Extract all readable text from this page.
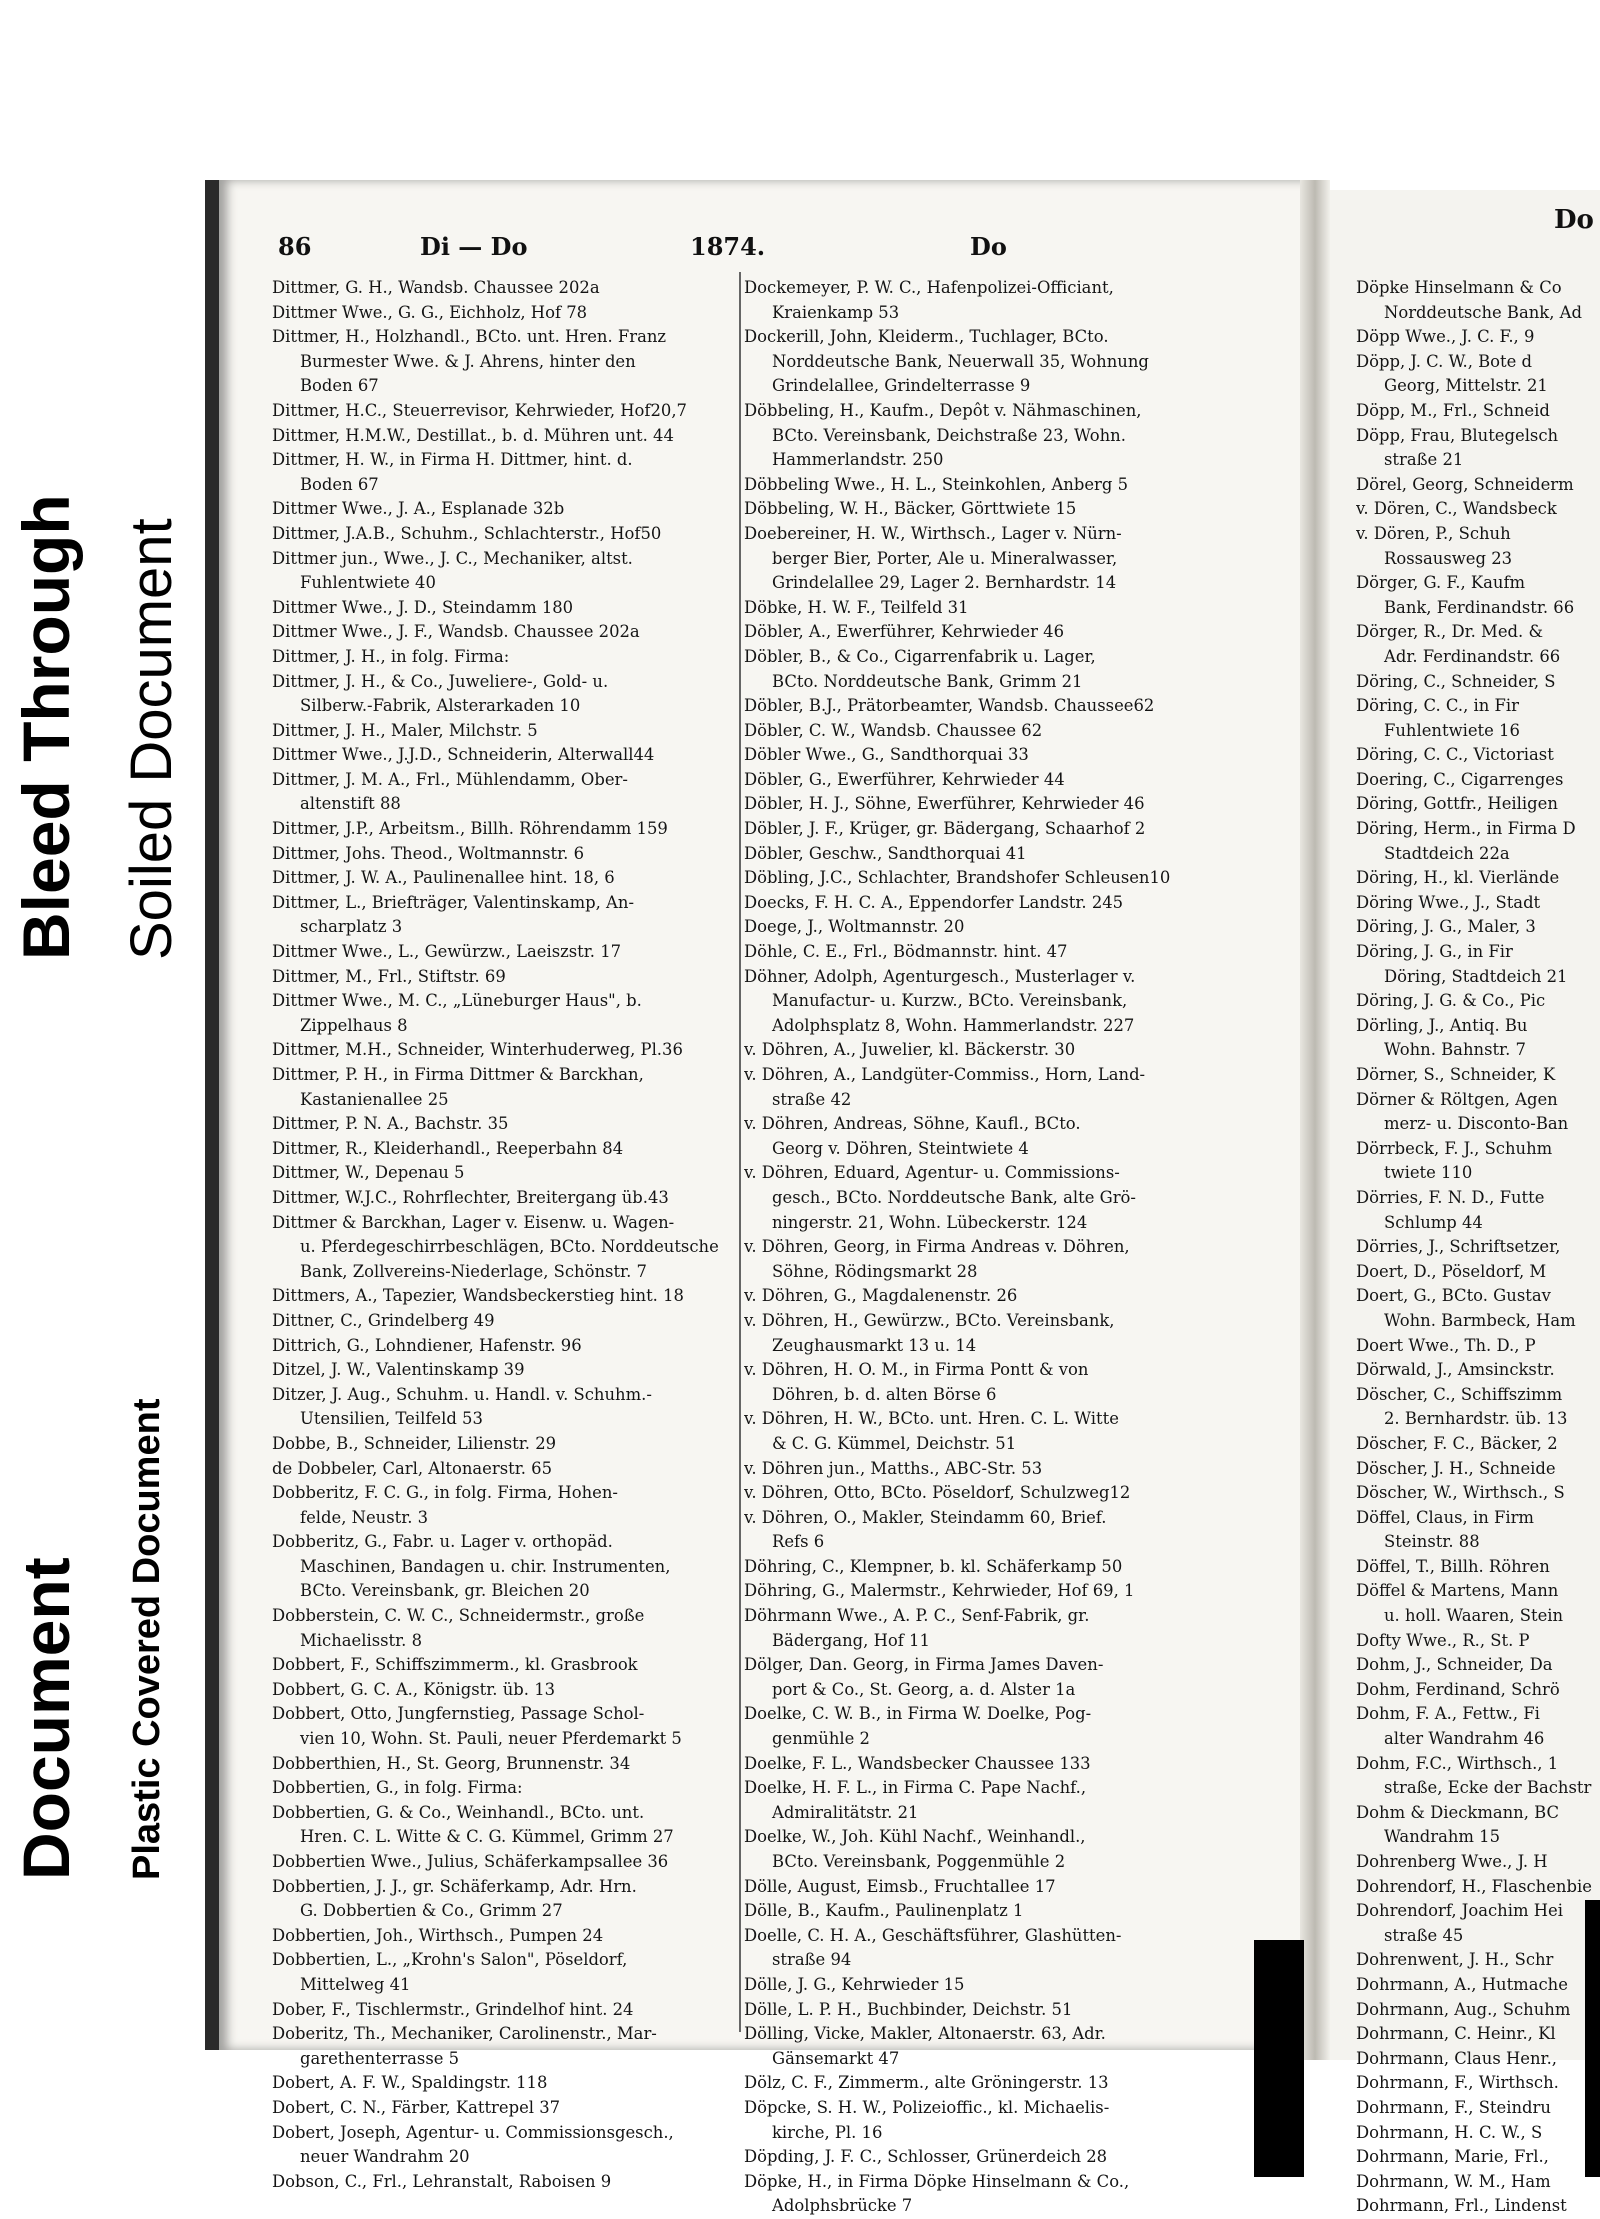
Bleed Through Soiled Document
Document Plastic Covered Document
86	Di — Do	1874.	Do
Do
Dittmer, G. H., Wandsb. Chaussee 202a
Dittmer Wwe., G. G., Eichholz, Hof 78
Dittmer, H., Holzhandl., BCto. unt. Hren. Franz
Burmester Wwe. & J. Ahrens, hinter den
Boden 67
Dittmer, H.C., Steuerrevisor, Kehrwieder, Hof20,7
Dittmer, H.M.W., Destillat., b. d. Mühren unt. 44
Dittmer, H. W., in Firma H. Dittmer, hint. d.
Boden 67
Dittmer Wwe., J. A., Esplanade 32b
Dittmer, J.A.B., Schuhm., Schlachterstr., Hof50
Dittmer jun., Wwe., J. C., Mechaniker, altst.
Fuhlentwiete 40
Dittmer Wwe., J. D., Steindamm 180
Dittmer Wwe., J. F., Wandsb. Chaussee 202a
Dittmer, J. H., in folg. Firma:
Dittmer, J. H., & Co., Juweliere-, Gold- u.
Silberw.-Fabrik, Alsterarkaden 10
Dittmer, J. H., Maler, Milchstr. 5
Dittmer Wwe., J.J.D., Schneiderin, Alterwall44
Dittmer, J. M. A., Frl., Mühlendamm, Ober-
altenstift 88
Dittmer, J.P., Arbeitsm., Billh. Röhrendamm 159
Dittmer, Johs. Theod., Woltmannstr. 6
Dittmer, J. W. A., Paulinenallee hint. 18, 6
Dittmer, L., Briefträger, Valentinskamp, An-
scharplatz 3
Dittmer Wwe., L., Gewürzw., Laeiszstr. 17
Dittmer, M., Frl., Stiftstr. 69
Dittmer Wwe., M. C., „Lüneburger Haus", b.
Zippelhaus 8
Dittmer, M.H., Schneider, Winterhuderweg, Pl.36
Dittmer, P. H., in Firma Dittmer & Barckhan,
Kastanienallee 25
Dittmer, P. N. A., Bachstr. 35
Dittmer, R., Kleiderhandl., Reeperbahn 84
Dittmer, W., Depenau 5
Dittmer, W.J.C., Rohrflechter, Breitergang üb.43
Dittmer & Barckhan, Lager v. Eisenw. u. Wagen-
u. Pferdegeschirrbeschlägen, BCto. Norddeutsche
Bank, Zollvereins-Niederlage, Schönstr. 7
Dittmers, A., Tapezier, Wandsbeckerstieg hint. 18
Dittner, C., Grindelberg 49
Dittrich, G., Lohndiener, Hafenstr. 96
Ditzel, J. W., Valentinskamp 39
Ditzer, J. Aug., Schuhm. u. Handl. v. Schuhm.-
Utensilien, Teilfeld 53
Dobbe, B., Schneider, Lilienstr. 29
de Dobbeler, Carl, Altonaerstr. 65
Dobberitz, F. C. G., in folg. Firma, Hohen-
felde, Neustr. 3
Dobberitz, G., Fabr. u. Lager v. orthopäd.
Maschinen, Bandagen u. chir. Instrumenten,
BCto. Vereinsbank, gr. Bleichen 20
Dobberstein, C. W. C., Schneidermstr., große
Michaelisstr. 8
Dobbert, F., Schiffszimmerm., kl. Grasbrook
Dobbert, G. C. A., Königstr. üb. 13
Dobbert, Otto, Jungfernstieg, Passage Schol-
vien 10, Wohn. St. Pauli, neuer Pferdemarkt 5
Dobberthien, H., St. Georg, Brunnenstr. 34
Dobbertien, G., in folg. Firma:
Dobbertien, G. & Co., Weinhandl., BCto. unt.
Hren. C. L. Witte & C. G. Kümmel, Grimm 27
Dobbertien Wwe., Julius, Schäferkampsallee 36
Dobbertien, J. J., gr. Schäferkamp, Adr. Hrn.
G. Dobbertien & Co., Grimm 27
Dobbertien, Joh., Wirthsch., Pumpen 24
Dobbertien, L., „Krohn's Salon", Pöseldorf,
Mittelweg 41
Dober, F., Tischlermstr., Grindelhof hint. 24
Doberitz, Th., Mechaniker, Carolinenstr., Mar-
garethenterrasse 5
Dobert, A. F. W., Spaldingstr. 118
Dobert, C. N., Färber, Kattrepel 37
Dobert, Joseph, Agentur- u. Commissionsgesch.,
neuer Wandrahm 20
Dobson, C., Frl., Lehranstalt, Raboisen 9
Dockemeyer, P. W. C., Hafenpolizei-Officiant,
Kraienkamp 53
Dockerill, John, Kleiderm., Tuchlager, BCto.
Norddeutsche Bank, Neuerwall 35, Wohnung
Grindelallee, Grindelterrasse 9
Döbbeling, H., Kaufm., Depôt v. Nähmaschinen,
BCto. Vereinsbank, Deichstraße 23, Wohn.
Hammerlandstr. 250
Döbbeling Wwe., H. L., Steinkohlen, Anberg 5
Döbbeling, W. H., Bäcker, Görttwiete 15
Doebereiner, H. W., Wirthsch., Lager v. Nürn-
berger Bier, Porter, Ale u. Mineralwasser,
Grindelallee 29, Lager 2. Bernhardstr. 14
Döbke, H. W. F., Teilfeld 31
Döbler, A., Ewerführer, Kehrwieder 46
Döbler, B., & Co., Cigarrenfabrik u. Lager,
BCto. Norddeutsche Bank, Grimm 21
Döbler, B.J., Prätorbeamter, Wandsb. Chaussee62
Döbler, C. W., Wandsb. Chaussee 62
Döbler Wwe., G., Sandthorquai 33
Döbler, G., Ewerführer, Kehrwieder 44
Döbler, H. J., Söhne, Ewerführer, Kehrwieder 46
Döbler, J. F., Krüger, gr. Bädergang, Schaarhof 2
Döbler, Geschw., Sandthorquai 41
Döbling, J.C., Schlachter, Brandshofer Schleusen10
Doecks, F. H. C. A., Eppendorfer Landstr. 245
Doege, J., Woltmannstr. 20
Döhle, C. E., Frl., Bödmannstr. hint. 47
Döhner, Adolph, Agenturgesch., Musterlager v.
Manufactur- u. Kurzw., BCto. Vereinsbank,
Adolphsplatz 8, Wohn. Hammerlandstr. 227
v. Döhren, A., Juwelier, kl. Bäckerstr. 30
v. Döhren, A., Landgüter-Commiss., Horn, Land-
straße 42
v. Döhren, Andreas, Söhne, Kaufl., BCto.
Georg v. Döhren, Steintwiete 4
v. Döhren, Eduard, Agentur- u. Commissions-
gesch., BCto. Norddeutsche Bank, alte Grö-
ningerstr. 21, Wohn. Lübeckerstr. 124
v. Döhren, Georg, in Firma Andreas v. Döhren,
Söhne, Rödingsmarkt 28
v. Döhren, G., Magdalenenstr. 26
v. Döhren, H., Gewürzw., BCto. Vereinsbank,
Zeughausmarkt 13 u. 14
v. Döhren, H. O. M., in Firma Pontt & von
Döhren, b. d. alten Börse 6
v. Döhren, H. W., BCto. unt. Hren. C. L. Witte
& C. G. Kümmel, Deichstr. 51
v. Döhren jun., Matths., ABC-Str. 53
v. Döhren, Otto, BCto. Pöseldorf, Schulzweg12
v. Döhren, O., Makler, Steindamm 60, Brief.
Refs 6
Döhring, C., Klempner, b. kl. Schäferkamp 50
Döhring, G., Malermstr., Kehrwieder, Hof 69, 1
Döhrmann Wwe., A. P. C., Senf-Fabrik, gr.
Bädergang, Hof 11
Dölger, Dan. Georg, in Firma James Daven-
port & Co., St. Georg, a. d. Alster 1a
Doelke, C. W. B., in Firma W. Doelke, Pog-
genmühle 2
Doelke, F. L., Wandsbecker Chaussee 133
Doelke, H. F. L., in Firma C. Pape Nachf.,
Admiralitätstr. 21
Doelke, W., Joh. Kühl Nachf., Weinhandl.,
BCto. Vereinsbank, Poggenmühle 2
Dölle, August, Eimsb., Fruchtallee 17
Dölle, B., Kaufm., Paulinenplatz 1
Doelle, C. H. A., Geschäftsführer, Glashütten-
straße 94
Dölle, J. G., Kehrwieder 15
Dölle, L. P. H., Buchbinder, Deichstr. 51
Dölling, Vicke, Makler, Altonaerstr. 63, Adr.
Gänsemarkt 47
Dölz, C. F., Zimmerm., alte Gröningerstr. 13
Döpcke, S. H. W., Polizeioffic., kl. Michaelis-
kirche, Pl. 16
Döpding, J. F. C., Schlosser, Grünerdeich 28
Döpke, H., in Firma Döpke Hinselmann & Co.,
Adolphsbrücke 7
Döpke Hinselmann & Co
Norddeutsche Bank, Ad
Döpp Wwe., J. C. F., 9
Döpp, J. C. W., Bote d
Georg, Mittelstr. 21
Döpp, M., Frl., Schneid
Döpp, Frau, Blutegelsch
straße 21
Dörel, Georg, Schneiderm
v. Dören, C., Wandsbeck
v. Dören, P., Schuh
Rossausweg 23
Dörger, G. F., Kaufm
Bank, Ferdinandstr. 66
Dörger, R., Dr. Med. &
Adr. Ferdinandstr. 66
Döring, C., Schneider, S
Döring, C. C., in Fir
Fuhlentwiete 16
Döring, C. C., Victoriast
Doering, C., Cigarrenges
Döring, Gottfr., Heiligen
Döring, Herm., in Firma D
Stadtdeich 22a
Döring, H., kl. Vierlände
Döring Wwe., J., Stadt
Döring, J. G., Maler, 3
Döring, J. G., in Fir
Döring, Stadtdeich 21
Döring, J. G. & Co., Pic
Dörling, J., Antiq. Bu
Wohn. Bahnstr. 7
Dörner, S., Schneider, K
Dörner & Röltgen, Agen
merz- u. Disconto-Ban
Dörrbeck, F. J., Schuhm
twiete 110
Dörries, F. N. D., Futte
Schlump 44
Dörries, J., Schriftsetzer,
Doert, D., Pöseldorf, M
Doert, G., BCto. Gustav
Wohn. Barmbeck, Ham
Doert Wwe., Th. D., P
Dörwald, J., Amsinckstr.
Döscher, C., Schiffszimm
2. Bernhardstr. üb. 13
Döscher, F. C., Bäcker, 2
Döscher, J. H., Schneide
Döscher, W., Wirthsch., S
Döffel, Claus, in Firm
Steinstr. 88
Döffel, T., Billh. Röhren
Döffel & Martens, Mann
u. holl. Waaren, Stein
Dofty Wwe., R., St. P
Dohm, J., Schneider, Da
Dohm, Ferdinand, Schrö
Dohm, F. A., Fettw., Fi
alter Wandrahm 46
Dohm, F.C., Wirthsch., 1
straße, Ecke der Bachstr
Dohm & Dieckmann, BC
Wandrahm 15
Dohrenberg Wwe., J. H
Dohrendorf, H., Flaschenbie
Dohrendorf, Joachim Hei
straße 45
Dohrenwent, J. H., Schr
Dohrmann, A., Hutmache
Dohrmann, Aug., Schuhm
Dohrmann, C. Heinr., Kl
Dohrmann, Claus Henr.,
Dohrmann, F., Wirthsch.
Dohrmann, F., Steindru
Dohrmann, H. C. W., S
Dohrmann, Marie, Frl.,
Dohrmann, W. M., Ham
Dohrmann, Frl., Lindenst
